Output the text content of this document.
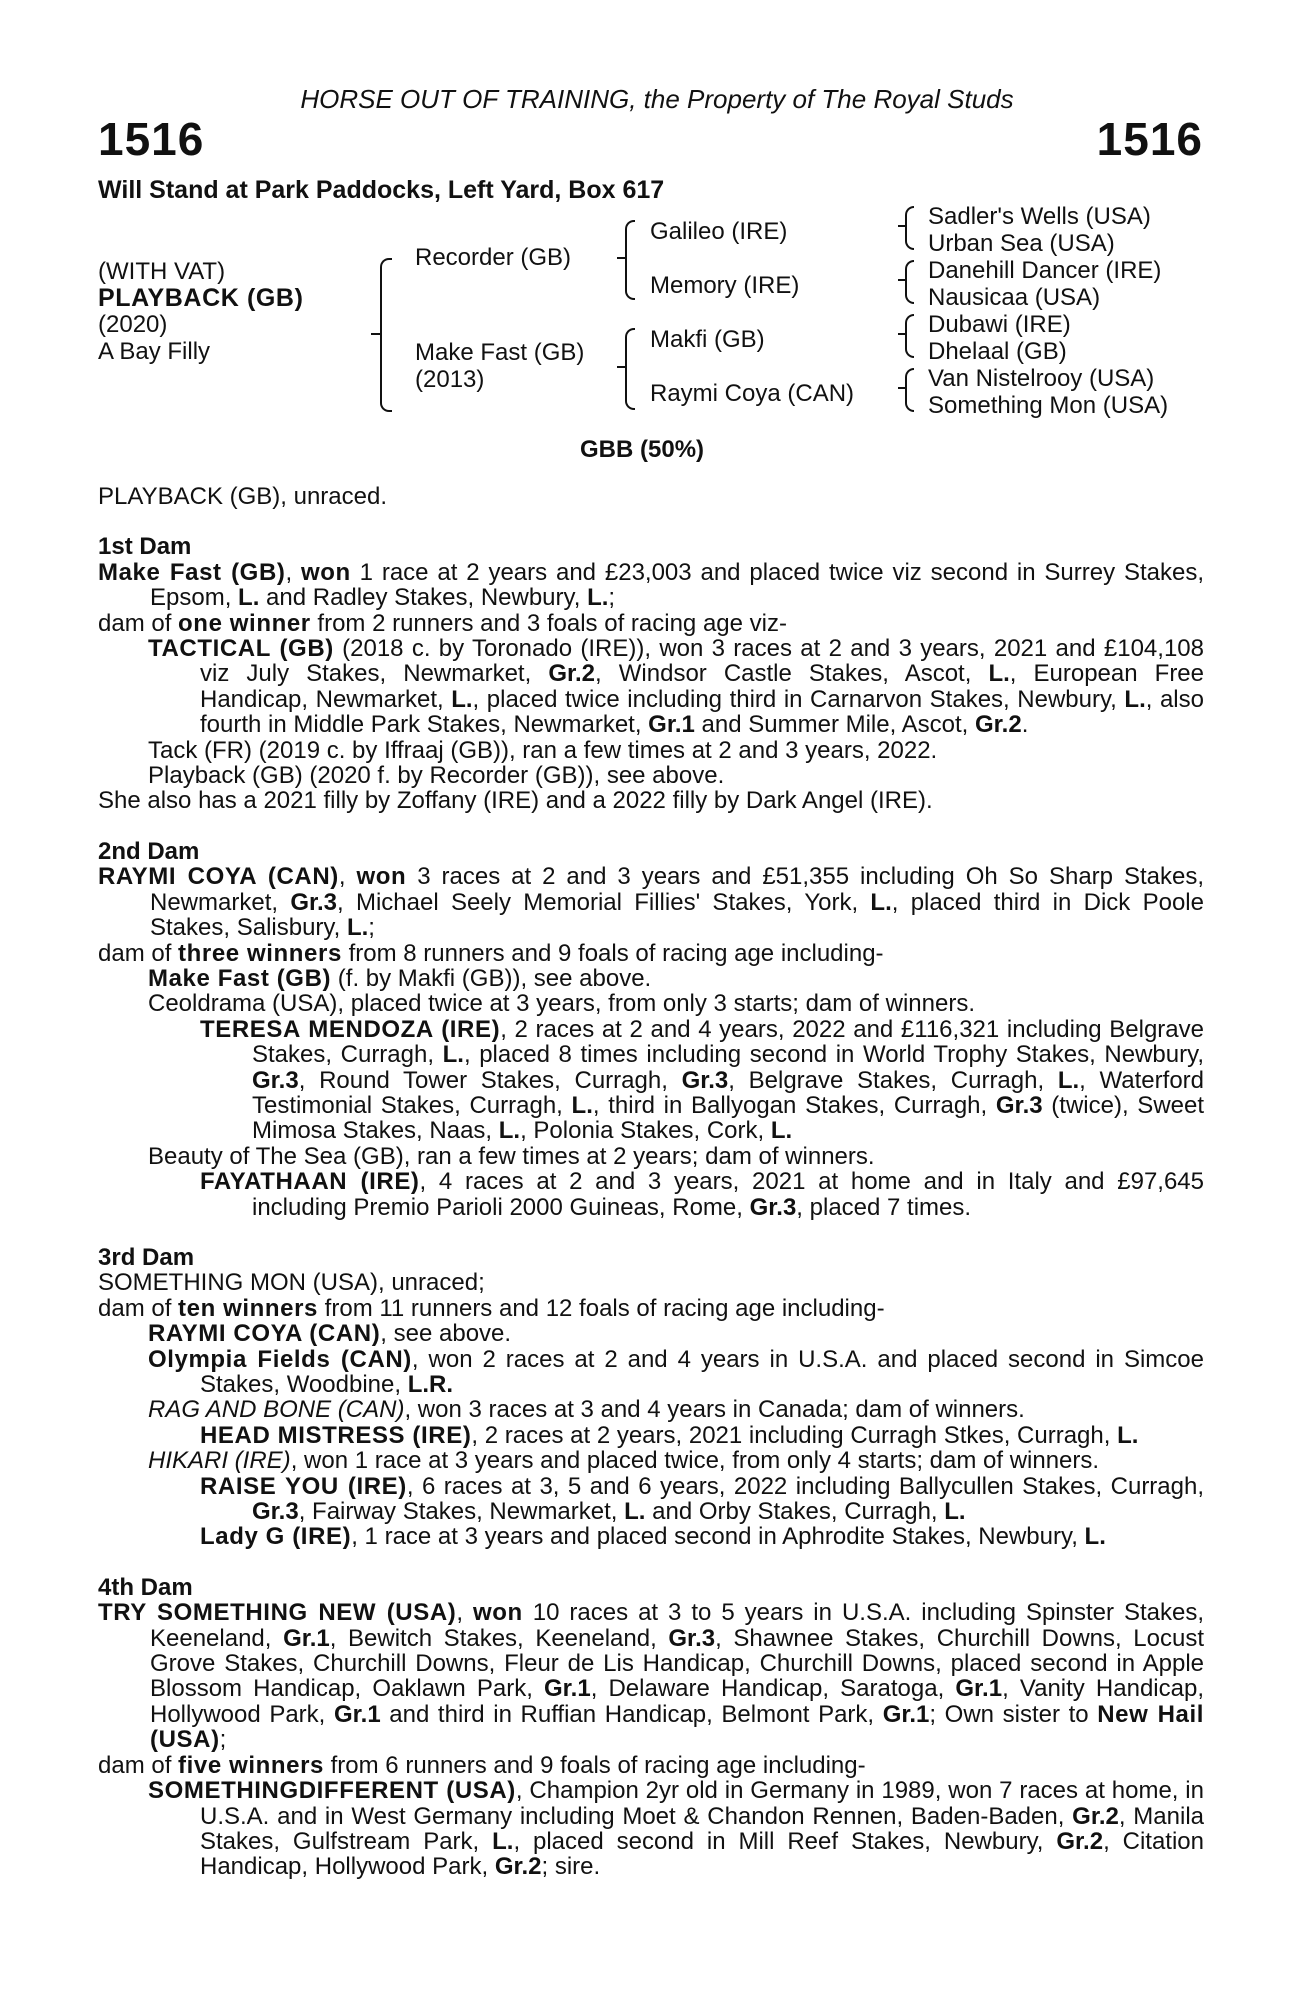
HORSE OUT OF TRAINING, the Property of The Royal Studs
1516	1516
Will Stand at Park Paddocks, Left Yard, Box 617
(WITH VAT)
PLAYBACK (GB)
(2020)
A Bay Filly
Recorder (GB)
Make Fast (GB)
(2013)
Galileo (IRE)
Memory (IRE)
Makfi (GB)
Raymi Coya (CAN)
Sadler's Wells (USA)
Urban Sea (USA)
Danehill Dancer (IRE)
Nausicaa (USA)
Dubawi (IRE)
Dhelaal (GB)
Van Nistelrooy (USA)
Something Mon (USA)
GBB (50%)

PLAYBACK (GB), unraced.

1st Dam

Make Fast (GB), won 1 race at 2 years and £23,003 and placed twice viz second in Surrey Stakes, Epsom, L. and Radley Stakes, Newbury, L.;

dam of one winner from 2 runners and 3 foals of racing age viz-

TACTICAL (GB) (2018 c. by Toronado (IRE)), won 3 races at 2 and 3 years, 2021 and £104,108 viz July Stakes, Newmarket, Gr.2, Windsor Castle Stakes, Ascot, L., European Free Handicap, Newmarket, L., placed twice including third in Carnarvon Stakes, Newbury, L., also fourth in Middle Park Stakes, Newmarket, Gr.1 and Summer Mile, Ascot, Gr.2.

Tack (FR) (2019 c. by Iffraaj (GB)), ran a few times at 2 and 3 years, 2022.

Playback (GB) (2020 f. by Recorder (GB)), see above.

She also has a 2021 filly by Zoffany (IRE) and a 2022 filly by Dark Angel (IRE).

2nd Dam

RAYMI COYA (CAN), won 3 races at 2 and 3 years and £51,355 including Oh So Sharp Stakes, Newmarket, Gr.3, Michael Seely Memorial Fillies' Stakes, York, L., placed third in Dick Poole Stakes, Salisbury, L.;

dam of three winners from 8 runners and 9 foals of racing age including-

Make Fast (GB) (f. by Makfi (GB)), see above.

Ceoldrama (USA), placed twice at 3 years, from only 3 starts; dam of winners.

TERESA MENDOZA (IRE), 2 races at 2 and 4 years, 2022 and £116,321 including Belgrave Stakes, Curragh, L., placed 8 times including second in World Trophy Stakes, Newbury, Gr.3, Round Tower Stakes, Curragh, Gr.3, Belgrave Stakes, Curragh, L., Waterford Testimonial Stakes, Curragh, L., third in Ballyogan Stakes, Curragh, Gr.3 (twice), Sweet Mimosa Stakes, Naas, L., Polonia Stakes, Cork, L.

Beauty of The Sea (GB), ran a few times at 2 years; dam of winners.

FAYATHAAN (IRE), 4 races at 2 and 3 years, 2021 at home and in Italy and £97,645 including Premio Parioli 2000 Guineas, Rome, Gr.3, placed 7 times.

3rd Dam

SOMETHING MON (USA), unraced;

dam of ten winners from 11 runners and 12 foals of racing age including-

RAYMI COYA (CAN), see above.

Olympia Fields (CAN), won 2 races at 2 and 4 years in U.S.A. and placed second in Simcoe Stakes, Woodbine, L.R.

RAG AND BONE (CAN), won 3 races at 3 and 4 years in Canada; dam of winners.

HEAD MISTRESS (IRE), 2 races at 2 years, 2021 including Curragh Stkes, Curragh, L.

HIKARI (IRE), won 1 race at 3 years and placed twice, from only 4 starts; dam of winners.

RAISE YOU (IRE), 6 races at 3, 5 and 6 years, 2022 including Ballycullen Stakes, Curragh, Gr.3, Fairway Stakes, Newmarket, L. and Orby Stakes, Curragh, L.

Lady G (IRE), 1 race at 3 years and placed second in Aphrodite Stakes, Newbury, L.

4th Dam

TRY SOMETHING NEW (USA), won 10 races at 3 to 5 years in U.S.A. including Spinster Stakes, Keeneland, Gr.1, Bewitch Stakes, Keeneland, Gr.3, Shawnee Stakes, Churchill Downs, Locust Grove Stakes, Churchill Downs, Fleur de Lis Handicap, Churchill Downs, placed second in Apple Blossom Handicap, Oaklawn Park, Gr.1, Delaware Handicap, Saratoga, Gr.1, Vanity Handicap, Hollywood Park, Gr.1 and third in Ruffian Handicap, Belmont Park, Gr.1; Own sister to New Hail (USA);

dam of five winners from 6 runners and 9 foals of racing age including-

SOMETHINGDIFFERENT (USA), Champion 2yr old in Germany in 1989, won 7 races at home, in U.S.A. and in West Germany including Moet & Chandon Rennen, Baden-Baden, Gr.2, Manila Stakes, Gulfstream Park, L., placed second in Mill Reef Stakes, Newbury, Gr.2, Citation Handicap, Hollywood Park, Gr.2; sire.
